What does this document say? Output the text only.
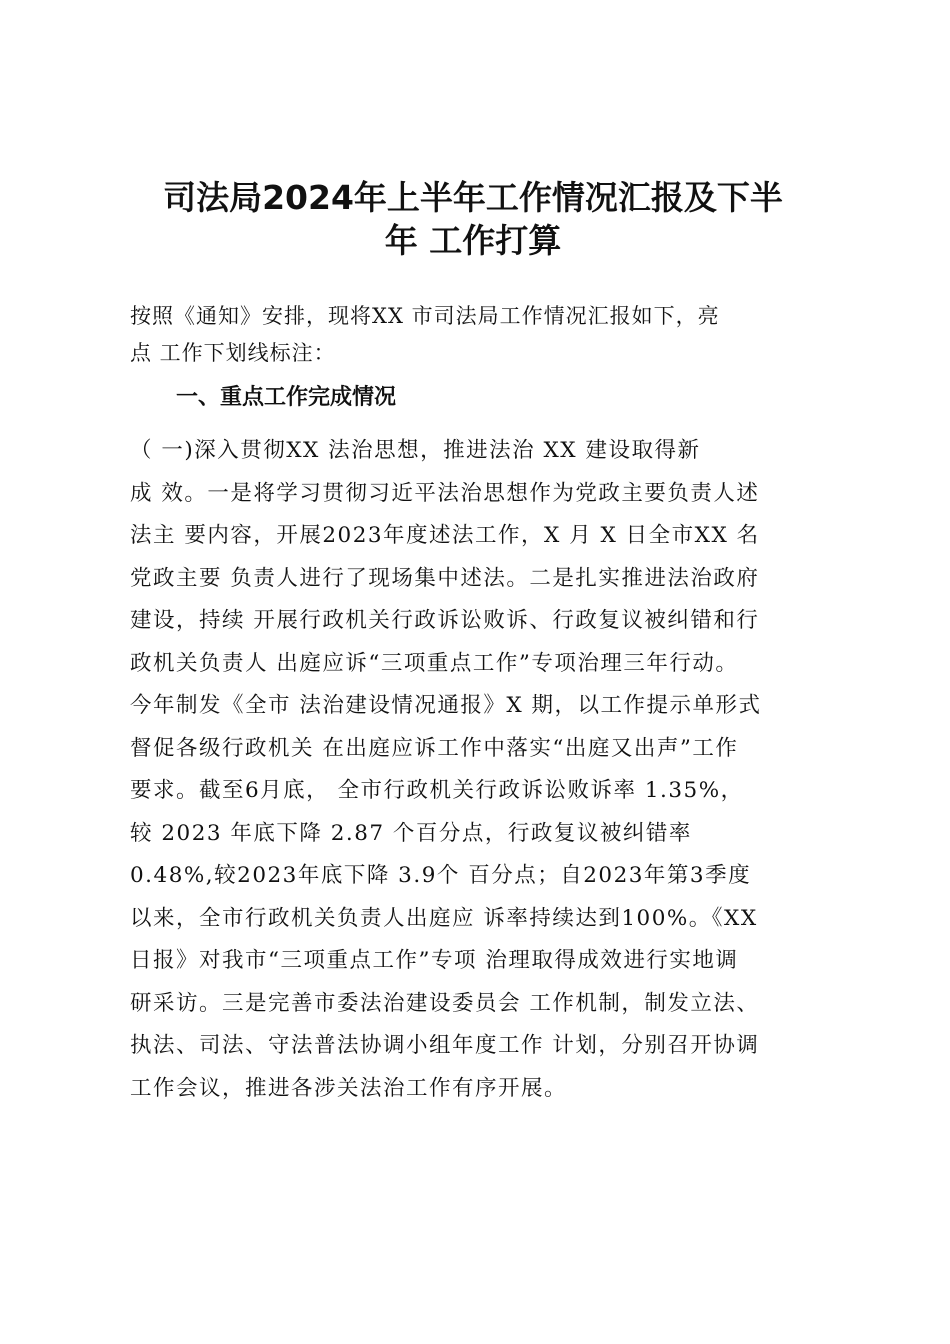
司法局2024年上半年工作情况汇报及下半
年 工作打算
按照《通知》安排，现将XX 市司法局工作情况汇报如下，亮
点 工作下划线标注：
一、重点工作完成情况
（ 一)深入贯彻XX 法治思想，推进法治 XX 建设取得新
成 效。一是将学习贯彻习近平法治思想作为党政主要负责人述
法主 要内容，开展2023年度述法工作，X 月 X 日全市XX 名
党政主要 负责人进行了现场集中述法。二是扎实推进法治政府
建设，持续 开展行政机关行政诉讼败诉、行政复议被纠错和行
政机关负责人 出庭应诉“三项重点工作”专项治理三年行动。
今年制发《全市 法治建设情况通报》X 期，以工作提示单形式
督促各级行政机关 在出庭应诉工作中落实“出庭又出声”工作
要求。截至6月底， 全市行政机关行政诉讼败诉率 1.35%，
较 2023 年底下降 2.87 个百分点，行政复议被纠错率
0.48%,较2023年底下降 3.9个 百分点；自2023年第3季度
以来，全市行政机关负责人出庭应 诉率持续达到100%。《XX
日报》对我市“三项重点工作”专项 治理取得成效进行实地调
研采访。三是完善市委法治建设委员会 工作机制，制发立法、
执法、司法、守法普法协调小组年度工作 计划，分别召开协调
工作会议，推进各涉关法治工作有序开展。
